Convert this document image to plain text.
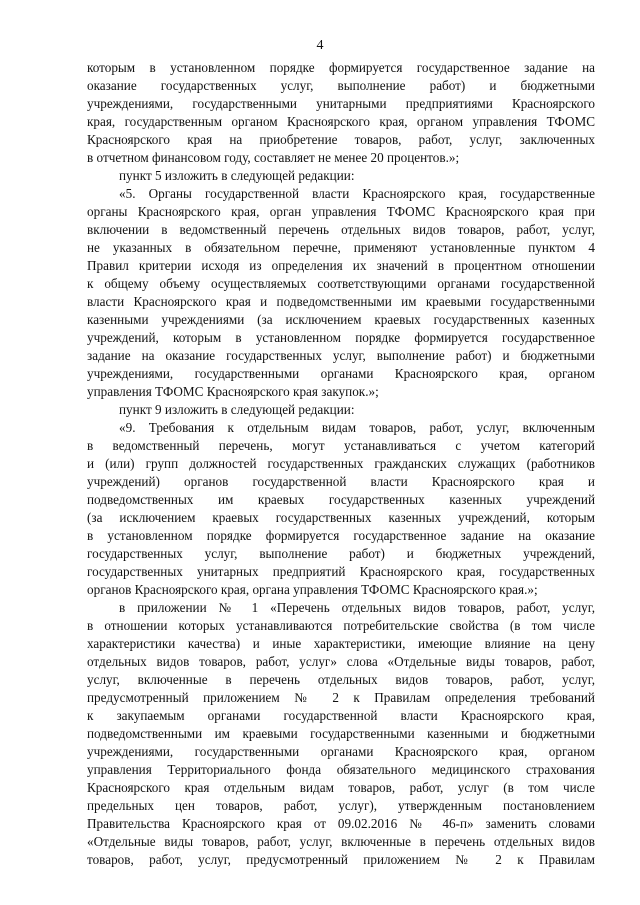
4
которым в установленном порядке формируется государственное задание на
оказание государственных услуг, выполнение работ) и бюджетными
учреждениями, государственными унитарными предприятиями Красноярского
края, государственным органом Красноярского края, органом управления ТФОМС
Красноярского края на приобретение товаров, работ, услуг, заключенных
в отчетном финансовом году, составляет не менее 20 процентов.»;
пункт 5 изложить в следующей редакции:
«5. Органы государственной власти Красноярского края, государственные
органы Красноярского края, орган управления ТФОМС Красноярского края при
включении в ведомственный перечень отдельных видов товаров, работ, услуг,
не указанных в обязательном перечне, применяют установленные пунктом 4
Правил критерии исходя из определения их значений в процентном отношении
к общему объему осуществляемых соответствующими органами государственной
власти Красноярского края и подведомственными им краевыми государственными
казенными учреждениями (за исключением краевых государственных казенных
учреждений, которым в установленном порядке формируется государственное
задание на оказание государственных услуг, выполнение работ) и бюджетными
учреждениями, государственными органами Красноярского края, органом
управления ТФОМС Красноярского края закупок.»;
пункт 9 изложить в следующей редакции:
«9. Требования к отдельным видам товаров, работ, услуг, включенным
в ведомственный перечень, могут устанавливаться с учетом категорий
и (или) групп должностей государственных гражданских служащих (работников
учреждений) органов государственной власти Красноярского края и
подведомственных им краевых государственных казенных учреждений
(за исключением краевых государственных казенных учреждений, которым
в установленном порядке формируется государственное задание на оказание
государственных услуг, выполнение работ) и бюджетных учреждений,
государственных унитарных предприятий Красноярского края, государственных
органов Красноярского края, органа управления ТФОМС Красноярского края.»;
в приложении № 1 «Перечень отдельных видов товаров, работ, услуг,
в отношении которых устанавливаются потребительские свойства (в том числе
характеристики качества) и иные характеристики, имеющие влияние на цену
отдельных видов товаров, работ, услуг» слова «Отдельные виды товаров, работ,
услуг, включенные в перечень отдельных видов товаров, работ, услуг,
предусмотренный приложением № 2 к Правилам определения требований
к закупаемым органами государственной власти Красноярского края,
подведомственными им краевыми государственными казенными и бюджетными
учреждениями, государственными органами Красноярского края, органом
управления Территориального фонда обязательного медицинского страхования
Красноярского края отдельным видам товаров, работ, услуг (в том числе
предельных цен товаров, работ, услуг), утвержденным постановлением
Правительства Красноярского края от 09.02.2016 № 46-п» заменить словами
«Отдельные виды товаров, работ, услуг, включенные в перечень отдельных видов
товаров, работ, услуг, предусмотренный приложением № 2 к Правилам
